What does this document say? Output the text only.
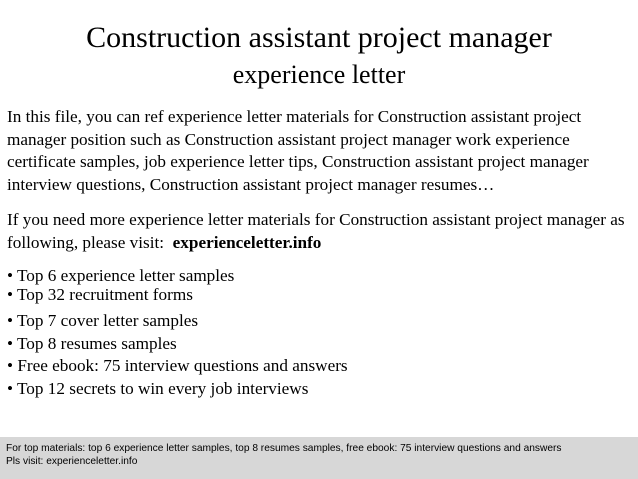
Construction assistant project manager
experience letter

In this file, you can ref experience letter materials for Construction assistant project manager position such as Construction assistant project manager work experience certificate samples, job experience letter tips, Construction assistant project manager interview questions, Construction assistant project manager resumes…

If you need more experience letter materials for Construction assistant project manager as following, please visit: experienceletter.info

• Top 6 experience letter samples
• Top 32 recruitment forms
• Top 7 cover letter samples
• Top 8 resumes samples
• Free ebook: 75 interview questions and answers
• Top 12 secrets to win every job interviews
For top materials: top 6 experience letter samples, top 8 resumes samples, free ebook: 75 interview questions and answers
Pls visit: experienceletter.info
